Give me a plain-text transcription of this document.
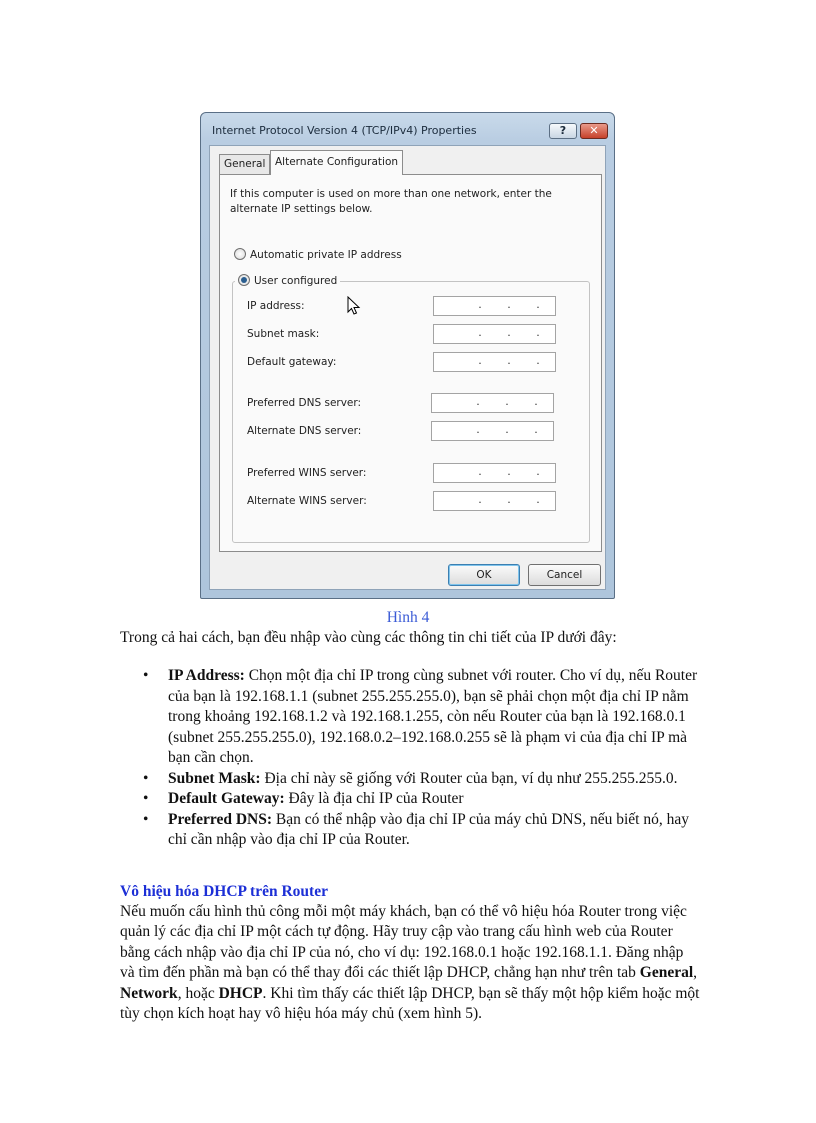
Internet Protocol Version 4 (TCP/IPv4) Properties	?	✕
General Alternate Configuration
If this computer is used on more than one network, enter the alternate IP settings below.
Automatic private IP address
User configured
IP address:	. . .
Subnet mask:	. . .
Default gateway:	. . .
Preferred DNS server:	. . .
Alternate DNS server:	. . .
Preferred WINS server:	. . .
Alternate WINS server:	. . .
OK	Cancel
Hình 4
Trong cả hai cách, bạn đều nhập vào cùng các thông tin chi tiết của IP dưới đây:
• IP Address: Chọn một địa chỉ IP trong cùng subnet với router. Cho ví dụ, nếu Router của bạn là 192.168.1.1 (subnet 255.255.255.0), bạn sẽ phải chọn một địa chỉ IP nằm trong khoảng 192.168.1.2 và 192.168.1.255, còn nếu Router của bạn là 192.168.0.1 (subnet 255.255.255.0), 192.168.0.2–192.168.0.255 sẽ là phạm vi của địa chỉ IP mà bạn cần chọn.
• Subnet Mask: Địa chỉ này sẽ giống với Router của bạn, ví dụ như 255.255.255.0.
• Default Gateway: Đây là địa chỉ IP của Router
• Preferred DNS: Bạn có thể nhập vào địa chỉ IP của máy chủ DNS, nếu biết nó, hay chỉ cần nhập vào địa chỉ IP của Router.
Vô hiệu hóa DHCP trên Router
Nếu muốn cấu hình thủ công mỗi một máy khách, bạn có thể vô hiệu hóa Router trong việc quản lý các địa chỉ IP một cách tự động. Hãy truy cập vào trang cấu hình web của Router bằng cách nhập vào địa chỉ IP của nó, cho ví dụ: 192.168.0.1 hoặc 192.168.1.1. Đăng nhập và tìm đến phần mà bạn có thể thay đổi các thiết lập DHCP, chẳng hạn như trên tab General, Network, hoặc DHCP. Khi tìm thấy các thiết lập DHCP, bạn sẽ thấy một hộp kiểm hoặc một tùy chọn kích hoạt hay vô hiệu hóa máy chủ (xem hình 5).
